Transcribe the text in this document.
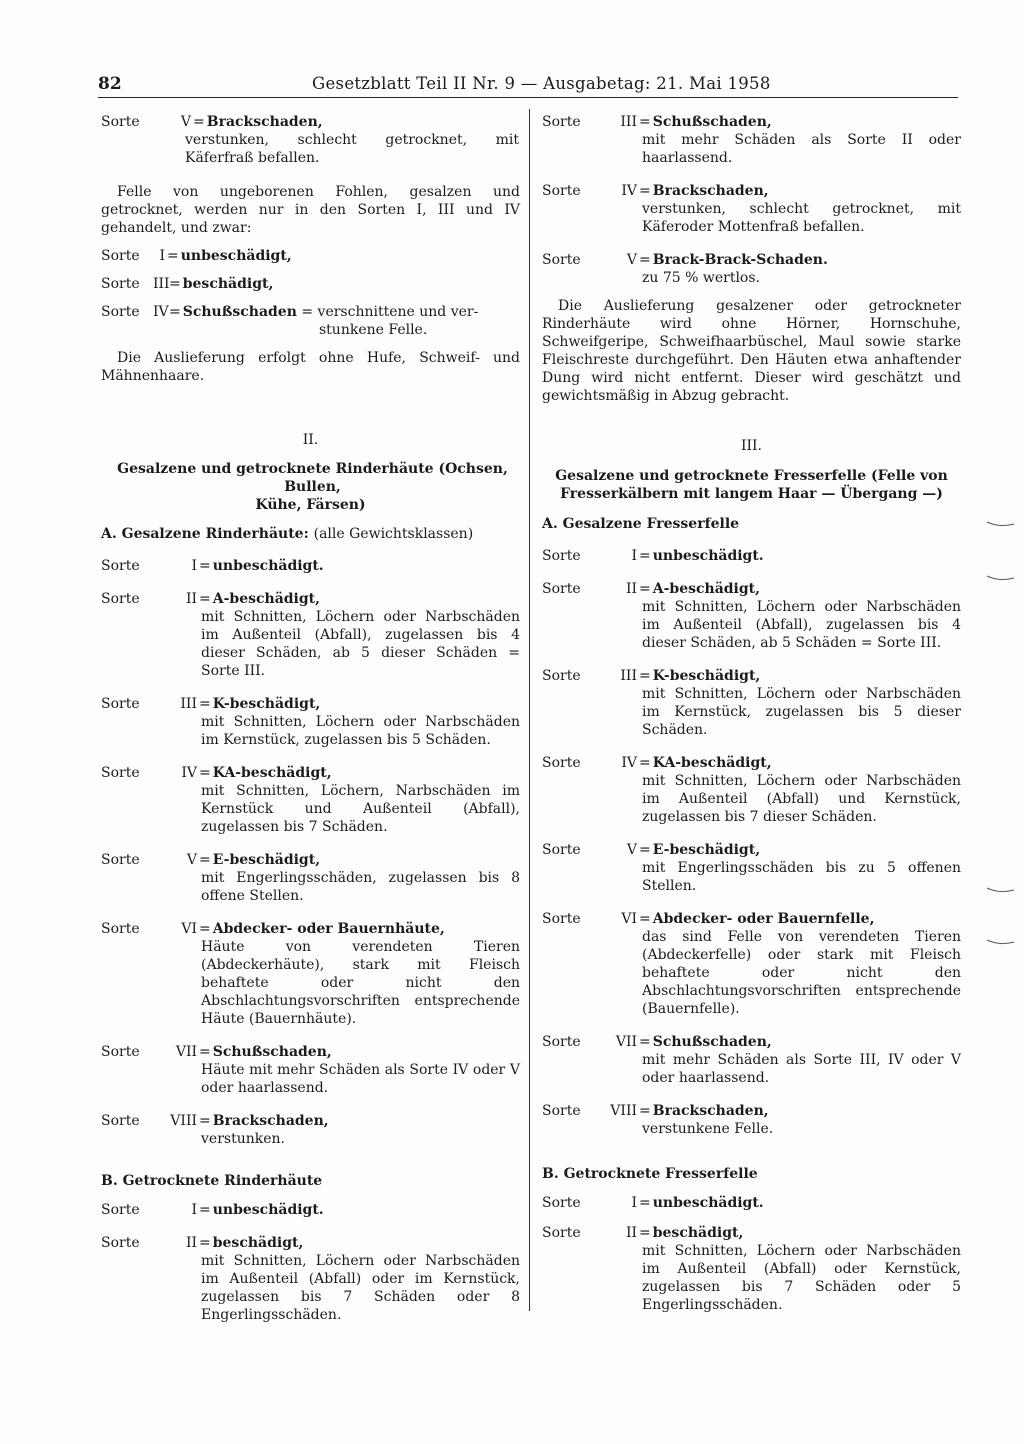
82	Gesetzblatt Teil II Nr. 9 — Ausgabetag: 21. Mai 1958
Sorte	V = Brackschaden,
verstunken, schlecht getrocknet, mit Käferfraß befallen.

Felle von ungeborenen Fohlen, gesalzen und getrocknet, werden nur in den Sorten I, III und IV gehandelt, und zwar:

Sorte	I = unbeschädigt,
Sorte III = beschädigt,
Sorte IV = Schußschaden = verschnittene und ver-
stunkene Felle.

Die Auslieferung erfolgt ohne Hufe, Schweif- und Mähnenhaare.

II.
Gesalzene und getrocknete Rinderhäute (Ochsen, Bullen,
Kühe, Färsen)
A. Gesalzene Rinderhäute: (alle Gewichtsklassen)
Sorte	I = unbeschädigt.
Sorte	II = A-beschädigt,
mit Schnitten, Löchern oder Narbschäden im Außenteil (Abfall), zugelassen bis 4 dieser Schäden, ab 5 dieser Schäden = Sorte III.
Sorte	III = K-beschädigt,
mit Schnitten, Löchern oder Narbschäden im Kernstück, zugelassen bis 5 Schäden.
Sorte	IV = KA-beschädigt,
mit Schnitten, Löchern, Narbschäden im Kernstück und Außenteil (Abfall), zugelassen bis 7 Schäden.
Sorte	V = E-beschädigt,
mit Engerlingsschäden, zugelassen bis 8 offene Stellen.
Sorte	VI = Abdecker- oder Bauernhäute,
Häute von verendeten Tieren (Abdeckerhäute), stark mit Fleisch behaftete oder nicht den Abschlachtungsvorschriften entsprechende Häute (Bauernhäute).
Sorte	VII = Schußschaden,
Häute mit mehr Schäden als Sorte IV oder V oder haarlassend.
Sorte	VIII = Brackschaden,
verstunken.
B. Getrocknete Rinderhäute
Sorte	I = unbeschädigt.
Sorte	II = beschädigt,
mit Schnitten, Löchern oder Narbschäden im Außenteil (Abfall) oder im Kernstück, zugelassen bis 7 Schäden oder 8 Engerlingsschäden.
Sorte	III = Schußschaden,
mit mehr Schäden als Sorte II oder haarlassend.
Sorte	IV = Brackschaden,
verstunken, schlecht getrocknet, mit Käferoder Mottenfraß befallen.
Sorte	V = Brack-Brack-Schaden.
zu 75 % wertlos.

Die Auslieferung gesalzener oder getrockneter Rinderhäute wird ohne Hörner, Hornschuhe, Schweifgeripe, Schweifhaarbüschel, Maul sowie starke Fleischreste durchgeführt. Den Häuten etwa anhaftender Dung wird nicht entfernt. Dieser wird geschätzt und gewichtsmäßig in Abzug gebracht.

III.
Gesalzene und getrocknete Fresserfelle (Felle von
Fresserkälbern mit langem Haar — Übergang —)
A. Gesalzene Fresserfelle
Sorte	I = unbeschädigt.
Sorte	II = A-beschädigt,
mit Schnitten, Löchern oder Narbschäden im Außenteil (Abfall), zugelassen bis 4 dieser Schäden, ab 5 Schäden = Sorte III.
Sorte	III = K-beschädigt,
mit Schnitten, Löchern oder Narbschäden im Kernstück, zugelassen bis 5 dieser Schäden.
Sorte	IV = KA-beschädigt,
mit Schnitten, Löchern oder Narbschäden im Außenteil (Abfall) und Kernstück, zugelassen bis 7 dieser Schäden.
Sorte	V = E-beschädigt,
mit Engerlingsschäden bis zu 5 offenen Stellen.
Sorte	VI = Abdecker- oder Bauernfelle,
das sind Felle von verendeten Tieren (Abdeckerfelle) oder stark mit Fleisch behaftete oder nicht den Abschlachtungsvorschriften entsprechende (Bauernfelle).
Sorte	VII = Schußschaden,
mit mehr Schäden als Sorte III, IV oder V oder haarlassend.
Sorte	VIII = Brackschaden,
verstunkene Felle.
B. Getrocknete Fresserfelle
Sorte	I = unbeschädigt.
Sorte	II = beschädigt,
mit Schnitten, Löchern oder Narbschäden im Außenteil (Abfall) oder Kernstück, zugelassen bis 7 Schäden oder 5 Engerlingsschäden.
